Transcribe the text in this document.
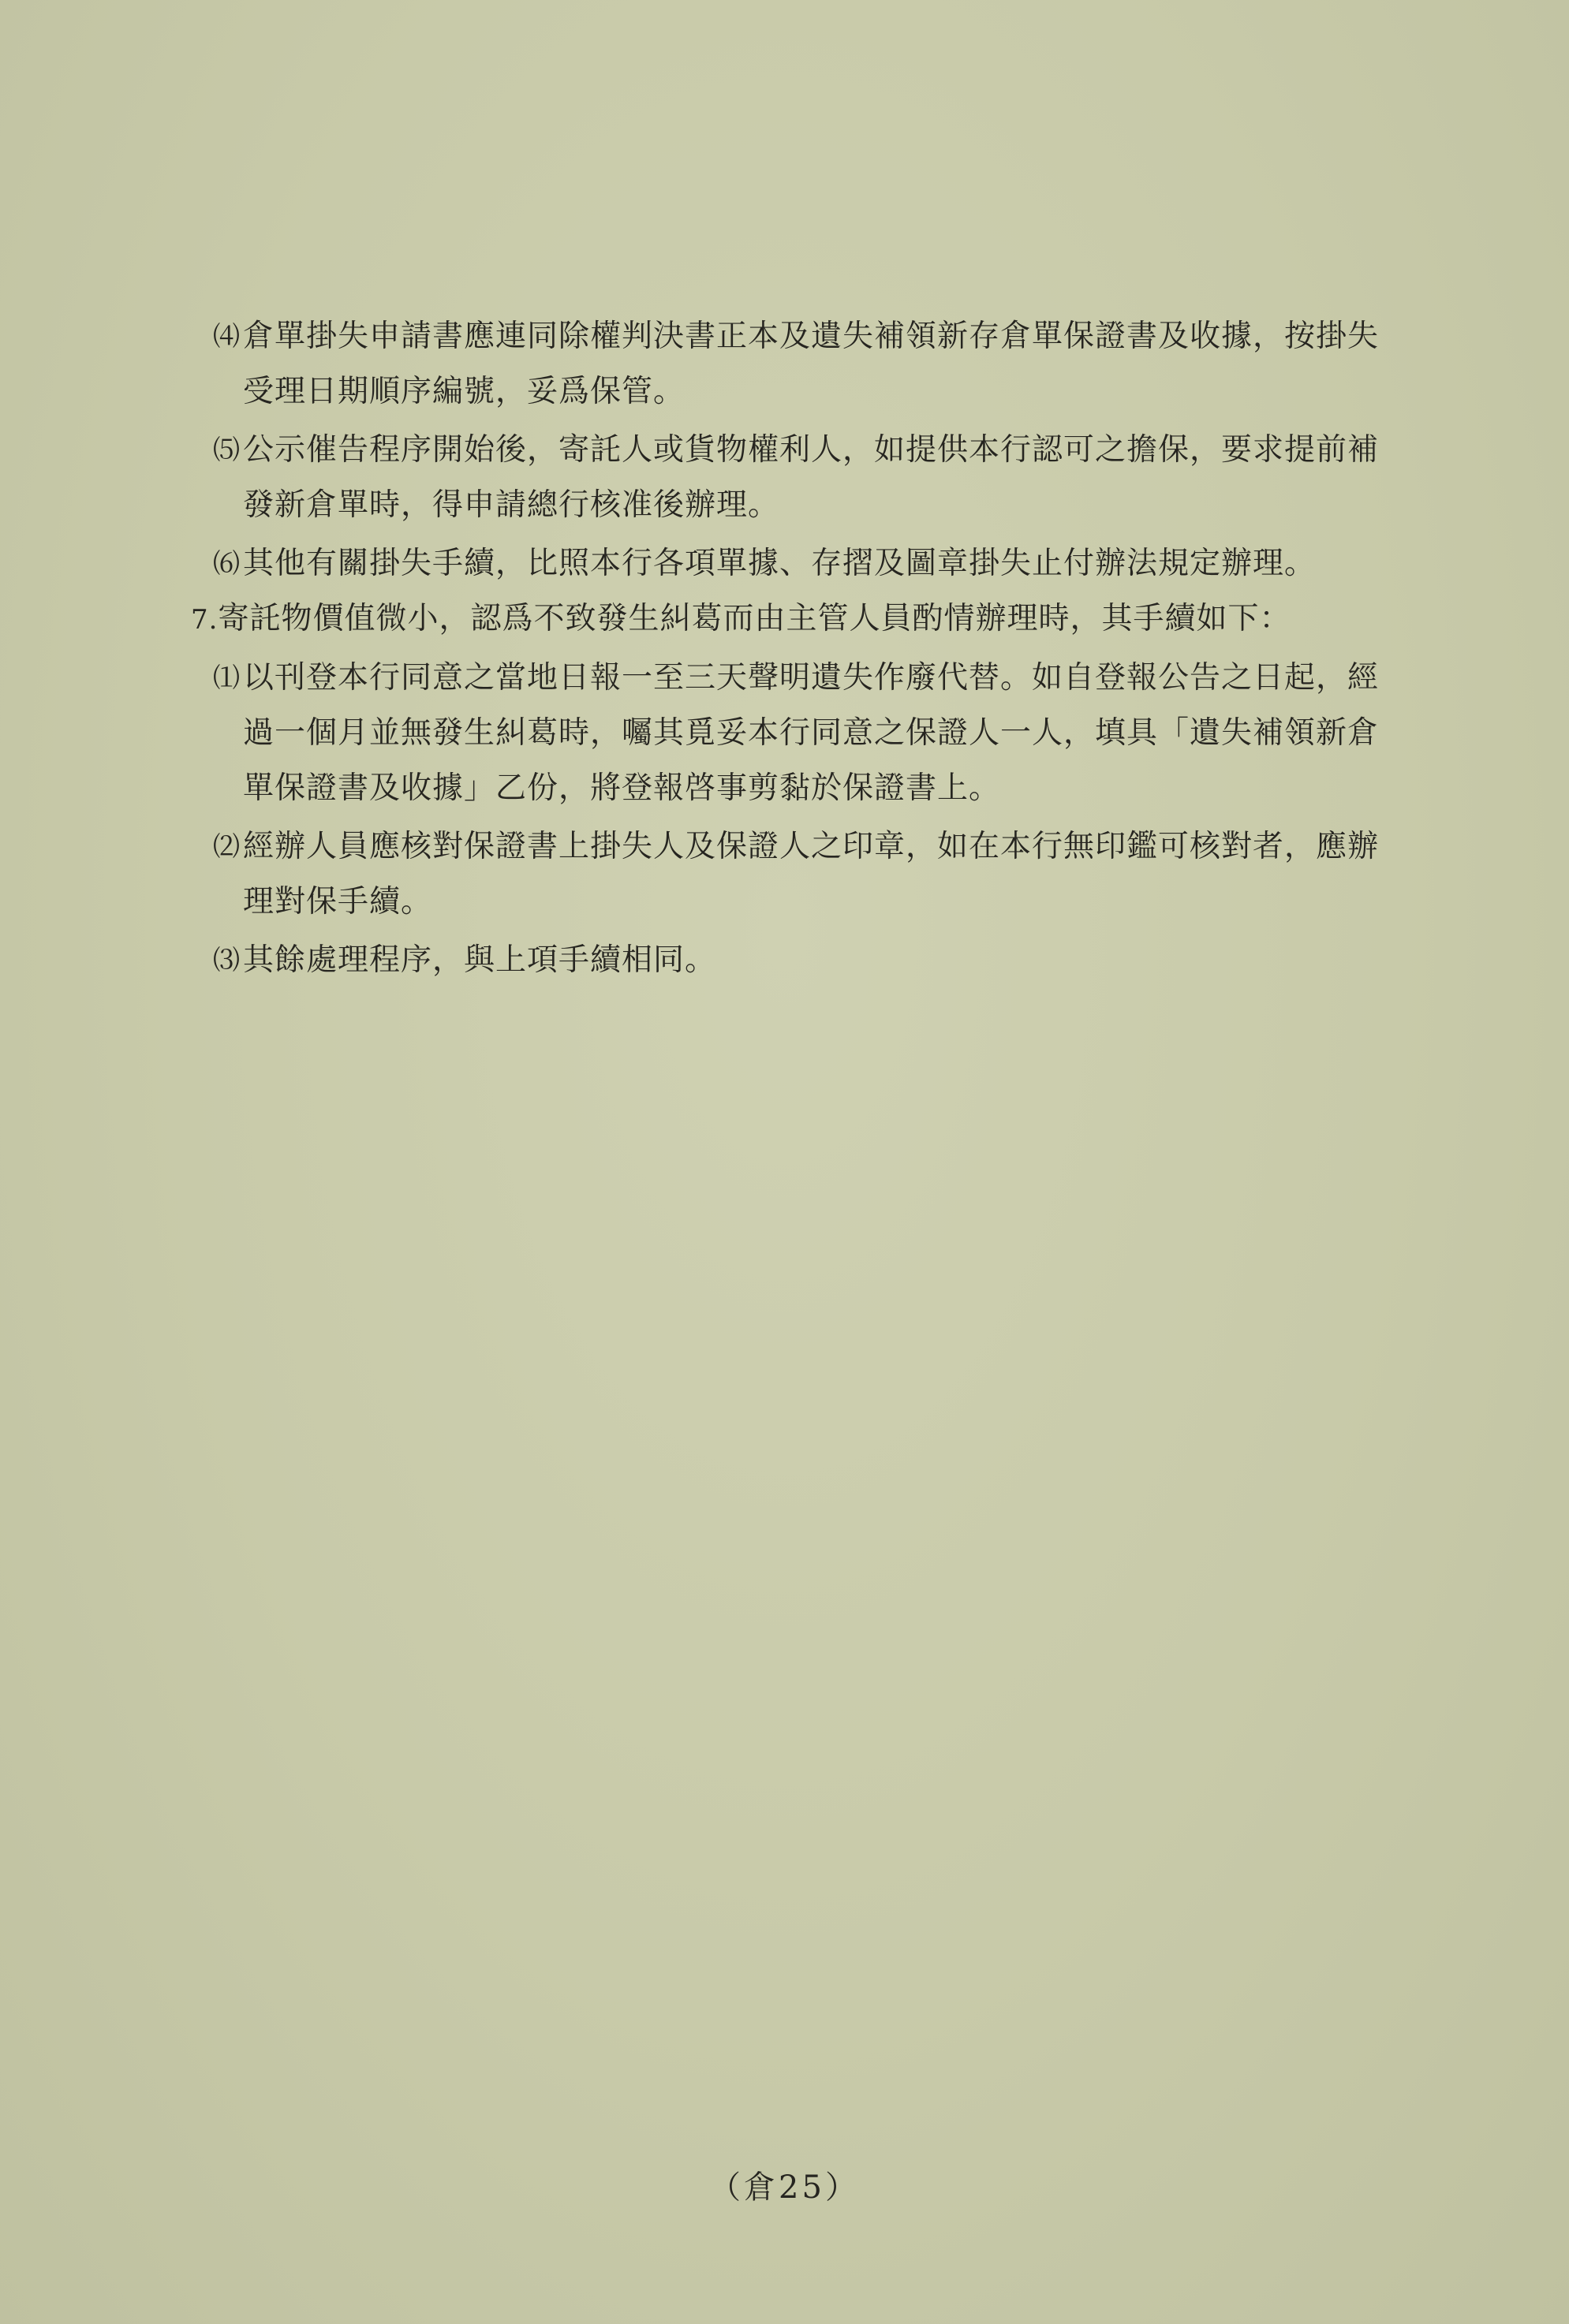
⑷ 倉單掛失申請書應連同除權判決書正本及遺失補領新存倉單保證書及收據，按掛失
受理日期順序編號，妥爲保管。
⑸ 公示催告程序開始後，寄託人或貨物權利人，如提供本行認可之擔保，要求提前補
發新倉單時，得申請總行核准後辦理。
⑹ 其他有關掛失手續，比照本行各項單據、存摺及圖章掛失止付辦法規定辦理。
7.寄託物價值微小，認爲不致發生糾葛而由主管人員酌情辦理時，其手續如下：
⑴ 以刊登本行同意之當地日報一至三天聲明遺失作廢代替。如自登報公告之日起，經
過一個月並無發生糾葛時，囑其覓妥本行同意之保證人一人，填具「遺失補領新倉
單保證書及收據」乙份，將登報啓事剪黏於保證書上。
⑵ 經辦人員應核對保證書上掛失人及保證人之印章，如在本行無印鑑可核對者，應辦
理對保手續。
⑶ 其餘處理程序，與上項手續相同。
（倉25）
